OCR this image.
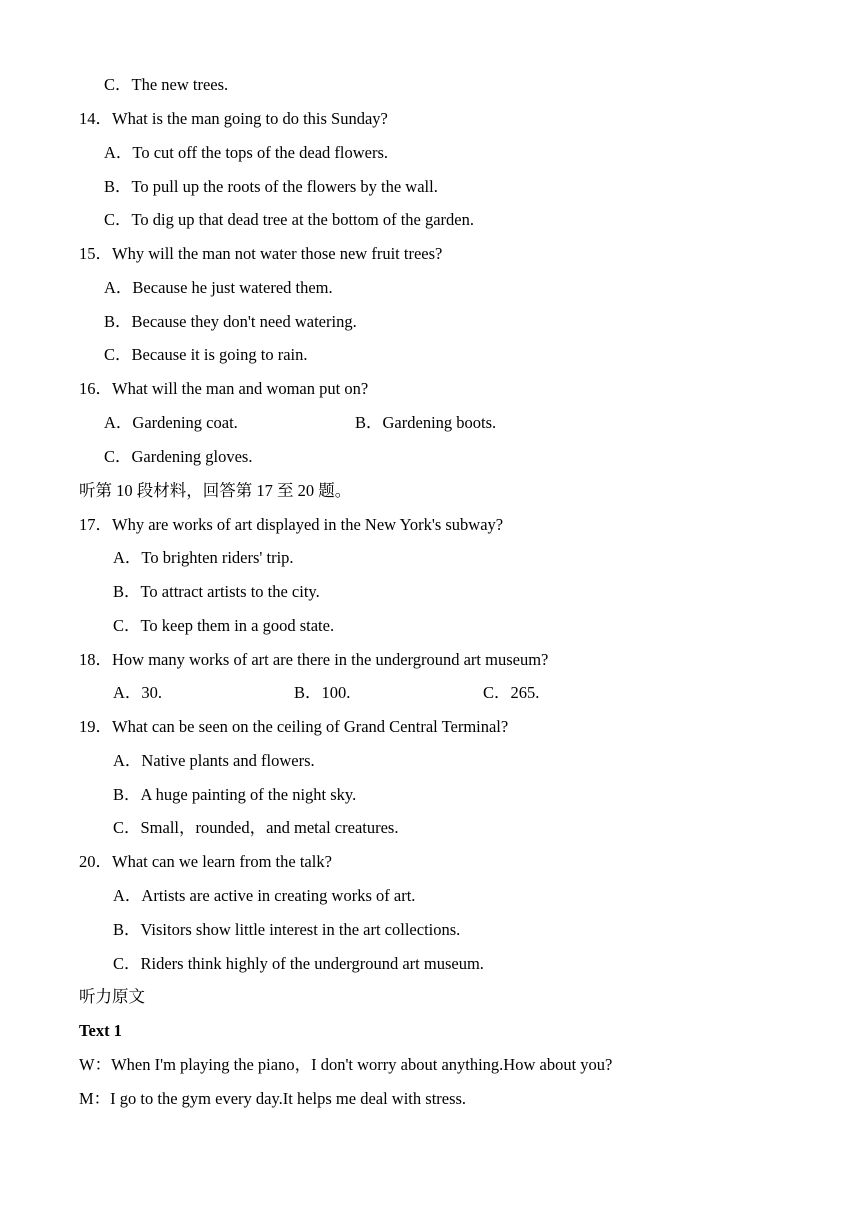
C．The new trees.
14．What is the man going to do this Sunday?
A．To cut off the tops of the dead flowers.
B．To pull up the roots of the flowers by the wall.
C．To dig up that dead tree at the bottom of the garden.
15．Why will the man not water those new fruit trees?
A．Because he just watered them.
B．Because they don't need watering.
C．Because it is going to rain.
16．What will the man and woman put on?
A．Gardening coat.	B．Gardening boots.
C．Gardening gloves.
听第 10 段材料，回答第 17 至 20 题。
17．Why are works of art displayed in the New York's subway?
A．To brighten riders' trip.
B．To attract artists to the city.
C．To keep them in a good state.
18．How many works of art are there in the underground art museum?
A．30.	B．100.	C．265.
19．What can be seen on the ceiling of Grand Central Terminal?
A．Native plants and flowers.
B．A huge painting of the night sky.
C．Small，rounded，and metal creatures.
20．What can we learn from the talk?
A．Artists are active in creating works of art.
B．Visitors show little interest in the art collections.
C．Riders think highly of the underground art museum.
听力原文
Text 1
W：When I'm playing the piano，I don't worry about anything.How about you?
M：I go to the gym every day.It helps me deal with stress.
